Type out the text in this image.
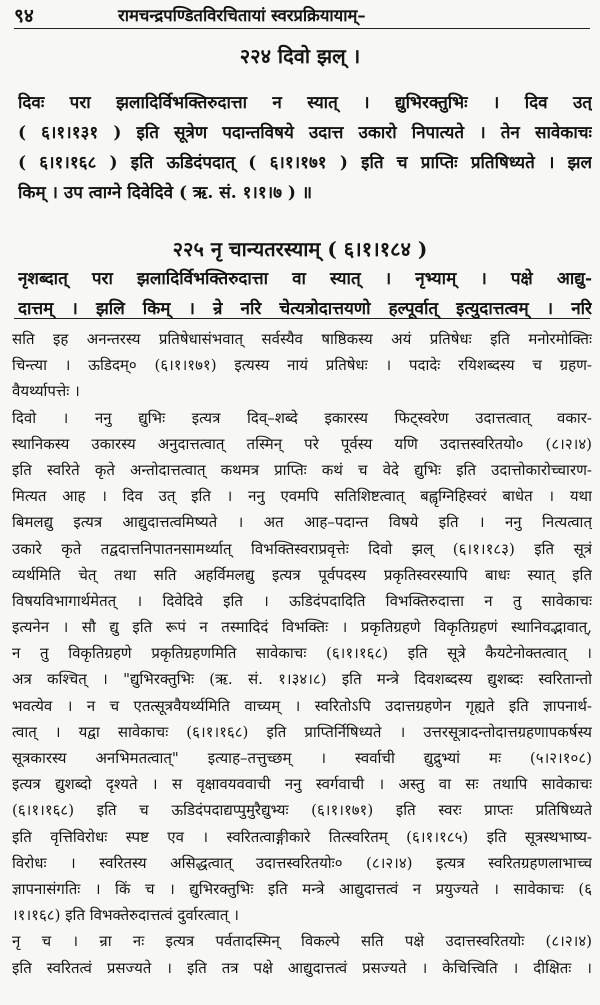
९४	रामचन्द्रपण्डितविरचितायां स्वरप्रक्रियायाम्–
२२४ दिवो झल् ।
दिवः परा झलादिर्विभक्तिरुदात्ता न स्यात् । द्युभिरक्तुभिः । दिव उत्
( ६।१।१३१ ) इति सूत्रेण पदान्तविषये उदात्त उकारो निपात्यते । तेन सावेकाचः
( ६।१।१६८ ) इति ऊडिदंपदात् ( ६।१।१७१ ) इति च प्राप्तिः प्रतिषिध्यते । झल
किम् । उप त्वाग्ने दिवेदिवे ( ऋ. सं. १।१।७ ) ॥
२२५ नृ चान्यतरस्याम् ( ६।१।१८४ )
नृशब्दात् परा झलादिर्विभक्तिरुदात्ता वा स्यात् । नृभ्याम् । पक्षे आद्यु-
दात्तम् । झलि किम् । न्रे नरि चेत्यत्रोदात्तयणो हल्पूर्वात् इत्युदात्तत्वम् । नरि
सति इह अनन्तरस्य प्रतिषेधासंभवात् सर्वस्यैव षाष्ठिकस्य अयं प्रतिषेधः इति मनोरमोक्तिः
चिन्त्या । ऊडिदम्० (६।१।१७१) इत्यस्य नायं प्रतिषेधः । पदादेः रयिशब्दस्य च ग्रहण-
वैयर्थ्यापत्तेः ।
दिवो । ननु द्युभिः इत्यत्र दिव्–शब्दे इकारस्य फिट्स्वरेण उदात्तत्वात् वकार-
स्थानिकस्य उकारस्य अनुदात्तत्वात् तस्मिन् परे पूर्वस्य यणि उदात्तस्वरितयो० (८।२।४)
इति स्वरिते कृते अन्तोदात्तत्वात् कथमत्र प्राप्तिः कथं च वेदे द्युभिः इति उदात्तोकारोच्चारण-
मित्यत आह । दिव उत् इति । ननु एवमपि सतिशिष्टत्वात् बह्वृग्निहिस्वरं बाधेत । यथा
बिमलद्यु इत्यत्र आद्युदात्तत्वमिष्यते । अत आह–पदान्त विषये इति । ननु नित्यत्वात्
उकारे कृते तद्वदात्तनिपातनसामर्थ्यात् विभक्तिस्वराप्रवृत्तेः दिवो झल् (६।१।१८३) इति सूत्रं
व्यर्थमिति चेत् तथा सति अहर्विमलद्यु इत्यत्र पूर्वपदस्य प्रकृतिस्वरस्यापि बाधः स्यात् इति
विषयविभागार्थमेतत् । दिवेदिवे इति । ऊडिदंपदादिति विभक्तिरुदात्ता न तु सावेकाचः
इत्यनेन । सौ द्यु इति रूपं न तस्मादिदं विभक्तिः । प्रकृतिग्रहणे विकृतिग्रहणं स्थानिवद्भावात्,
न तु विकृतिग्रहणे प्रकृतिग्रहणमिति सावेकाचः (६।१।१६८) इति सूत्रे कैयटेनोक्तत्वात् ।
अत्र कश्चित् । "द्युभिरक्तुभिः (ऋ. सं. १।३४।८) इति मन्त्रे दिवशब्दस्य द्युशब्दः स्वरितान्तो
भवत्येव । न च एतत्सूत्रवैयर्थ्यमिति वाच्यम् । स्वरितोऽपि उदात्तग्रहणेन गृह्यते इति ज्ञापनार्थ-
त्वात् । यद्वा सावेकाचः (६।१।१६८) इति प्राप्तिर्निषिध्यते । उत्तरसूत्रादन्तोदात्तग्रहणापकर्षस्य
सूत्रकारस्य अनभिमतत्वात्" इत्याह–तत्तुच्छम् । स्वर्वाची द्युद्रुभ्यां मः (५।२।१०८)
इत्यत्र द्युशब्दो दृश्यते । स वृक्षावयववाची ननु स्वर्गवाची । अस्तु वा सः तथापि सावेकाचः
(६।१।१६८) इति च ऊडिदंपदाद्यप्पुमुरैद्युभ्यः (६।१।१७१) इति स्वरः प्राप्तः प्रतिषिध्यते
इति वृत्तिविरोधः स्पष्ट एव । स्वरितत्वाङ्गीकारे तित्स्वरितम् (६।१।१८५) इति सूत्रस्थभाष्य-
विरोधः । स्वरितस्य असिद्धत्वात् उदात्तस्वरितयोः० (८।२।४) इत्यत्र स्वरितग्रहणलाभाच्च
ज्ञापनासंगतिः । किं च । द्युभिरक्तुभिः इति मन्त्रे आद्युदात्तत्वं न प्रयुज्यते । सावेकाचः (६
।१।१६८) इति विभक्तेरुदात्तत्वं दुर्वारत्वात् ।
नृ च । न्रा नः इत्यत्र पर्वतादस्मिन् विकल्पे सति पक्षे उदात्तस्वरितयोः (८।२।४)
इति स्वरितत्वं प्रसज्यते । इति तत्र पक्षे आद्युदात्तत्वं प्रसज्यते । केचित्त्विति । दीक्षितः ।
